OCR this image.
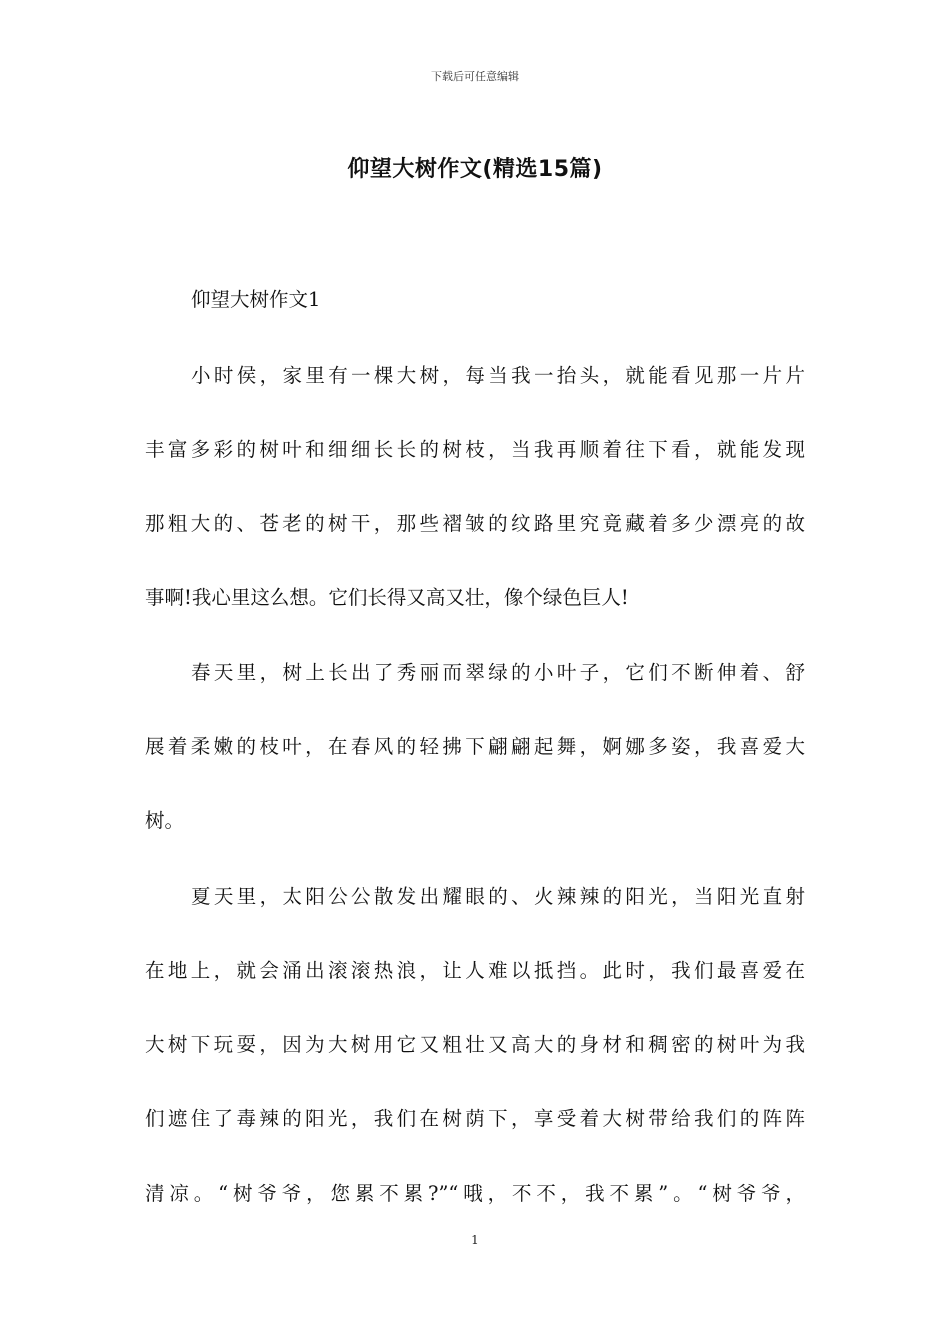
下载后可任意编辑
仰望大树作文(精选15篇)
仰望大树作文1
小时侯，家里有一棵大树，每当我一抬头，就能看见那一片片
丰富多彩的树叶和细细长长的树枝，当我再顺着往下看，就能发现
那粗大的、苍老的树干，那些褶皱的纹路里究竟藏着多少漂亮的故
事啊!我心里这么想。它们长得又高又壮，像个绿色巨人!
春天里，树上长出了秀丽而翠绿的小叶子，它们不断伸着、舒
展着柔嫩的枝叶，在春风的轻拂下翩翩起舞，婀娜多姿，我喜爱大
树。
夏天里，太阳公公散发出耀眼的、火辣辣的阳光，当阳光直射
在地上，就会涌出滚滚热浪，让人难以抵挡。此时，我们最喜爱在
大树下玩耍，因为大树用它又粗壮又高大的身材和稠密的树叶为我
们遮住了毒辣的阳光，我们在树荫下，享受着大树带给我们的阵阵
清凉。“树爷爷，您累不累?”“哦，不不，我不累”。“树爷爷，
1
